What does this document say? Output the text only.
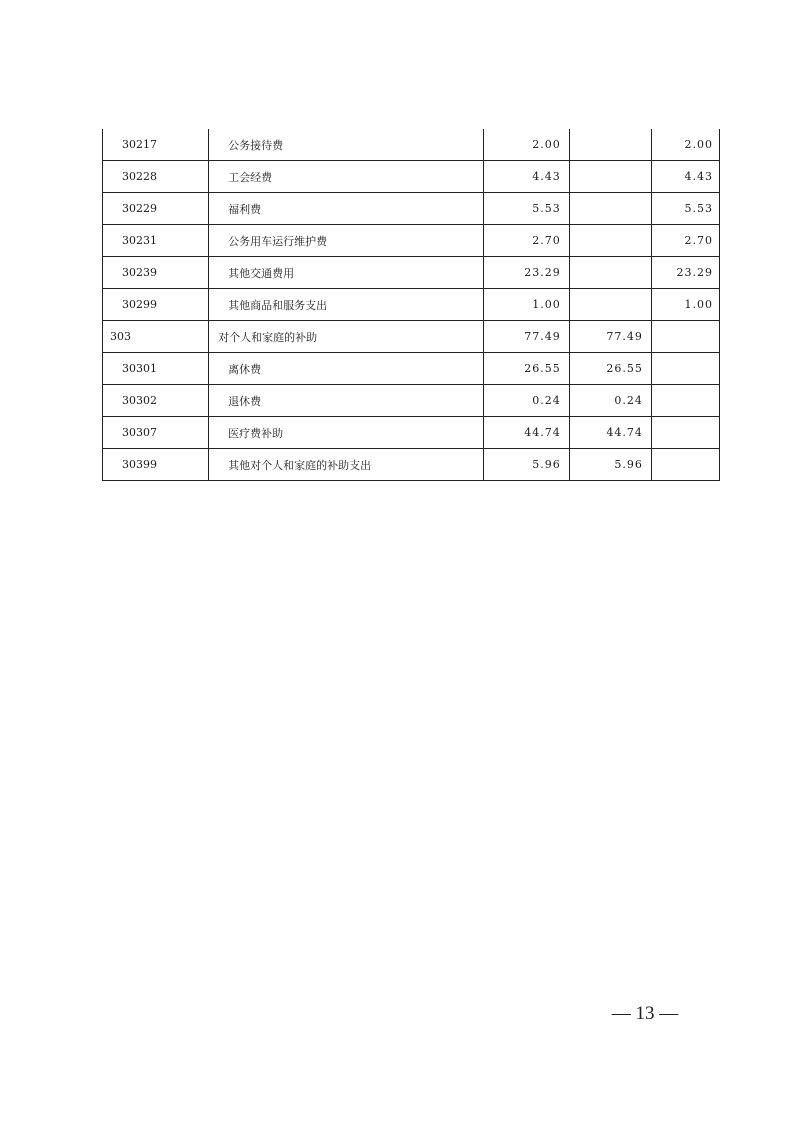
30217	公务接待费	2.00		2.00
30228	工会经费	4.43		4.43
30229	福利费	5.53		5.53
30231	公务用车运行维护费	2.70		2.70
30239	其他交通费用	23.29		23.29
30299	其他商品和服务支出	1.00		1.00
303	对个人和家庭的补助	77.49	77.49	
30301	离休费	26.55	26.55	
30302	退休费	0.24	0.24	
30307	医疗费补助	44.74	44.74	
30399	其他对个人和家庭的补助支出	5.96	5.96	
— 13 —
